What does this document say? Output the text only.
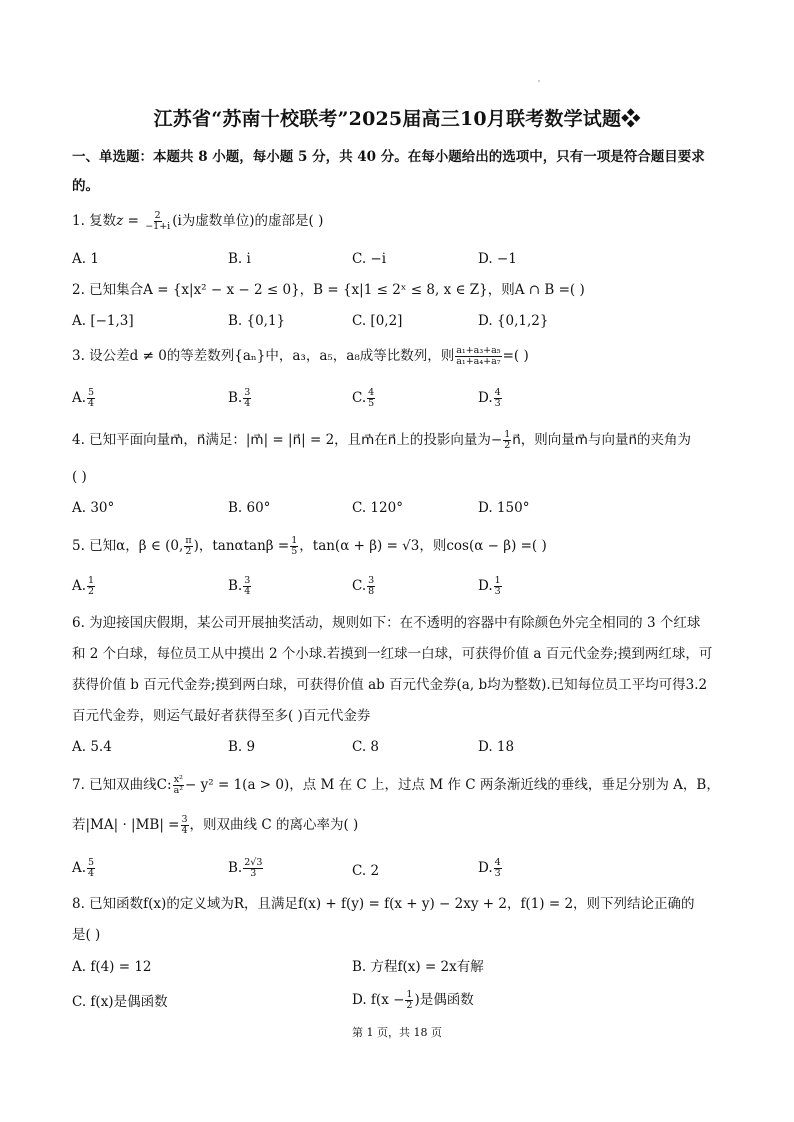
江苏省“苏南十校联考”2025届高三10月联考数学试题❖
一、单选题：本题共 8 小题，每小题 5 分，共 40 分。在每小题给出的选项中，只有一项是符合题目要求
的。
1. 复数$z = \frac{2}{-1+i} (i$为虚数单位)的虚部是( )
A. 1	B. i	C. −i	D. −1
2. 已知集合A = {x|x² − x − 2 ≤ 0}，B = {x|1 ≤ 2ˣ ≤ 8, x ∈ Z}，则A ∩ B =( )
A. [−1,3]	B. {0,1}	C. [0,2]	D. {0,1,2}
3. 设公差d ≠ 0的等差数列{aₙ}中，a₃，a₅，a₈成等比数列，则 $\frac{\text{a₁+a₃+a₅}}{\text{a₁+a₄+a₇}}$ =( )
A. $\frac{5}{4}$	B. $\frac{3}{4}$	C. $\frac{4}{5}$	D. $\frac{4}{3}$
4. 已知平面向量m⃗，n⃗满足：|m⃗| = |n⃗| = 2，且m⃗在n⃗上的投影向量为− $\frac{1}{2}$ n⃗，则向量m⃗与向量n⃗的夹角为
( )
A. 30°	B. 60°	C. 120°	D. 150°
5. 已知α，β ∈ (0, $\frac{\pi}{2}$ )，$\tan\alpha\tan\beta = \frac{1}{5}$ ，tan(α + β) = √3，则cos(α − β) =( )
A. $\frac{1}{2}$	B. $\frac{3}{4}$	C. $\frac{3}{8}$	D. $\frac{1}{3}$
6. 为迎接国庆假期，某公司开展抽奖活动，规则如下：在不透明的容器中有除颜色外完全相同的 3 个红球
和 2 个白球，每位员工从中摸出 2 个小球.若摸到一红球一白球，可获得价值 a 百元代金券;摸到两红球，可
获得价值 b 百元代金券;摸到两白球，可获得价值 ab 百元代金券(a, b均为整数).已知每位员工平均可得3.2
百元代金券，则运气最好者获得至多( )百元代金券
A. 5.4	B. 9	C. 8	D. 18
7. 已知双曲线C: $\frac{\text{x²}}{\text{a²}} - y^2 = 1(a > 0)$，点 M 在 C 上，过点 M 作 C 两条渐近线的垂线，垂足分别为 A，B，
若$|MA| \cdot |MB| = \frac{3}{4}$ ，则双曲线 C 的离心率为( )
A. $\frac{5}{4}$	B. $\frac{2√3}{3}$	C. 2	D. $\frac{4}{3}$
8. 已知函数f(x)的定义域为R，且满足f(x) + f(y) = f(x + y) − 2xy + 2，f(1) = 2，则下列结论正确的
是( )
A. f(4) = 12	B. 方程f(x) = 2x有解
C. f(x)是偶函数	D. $f(x - \frac{1}{2}$ )是偶函数
第 1 页，共 18 页
